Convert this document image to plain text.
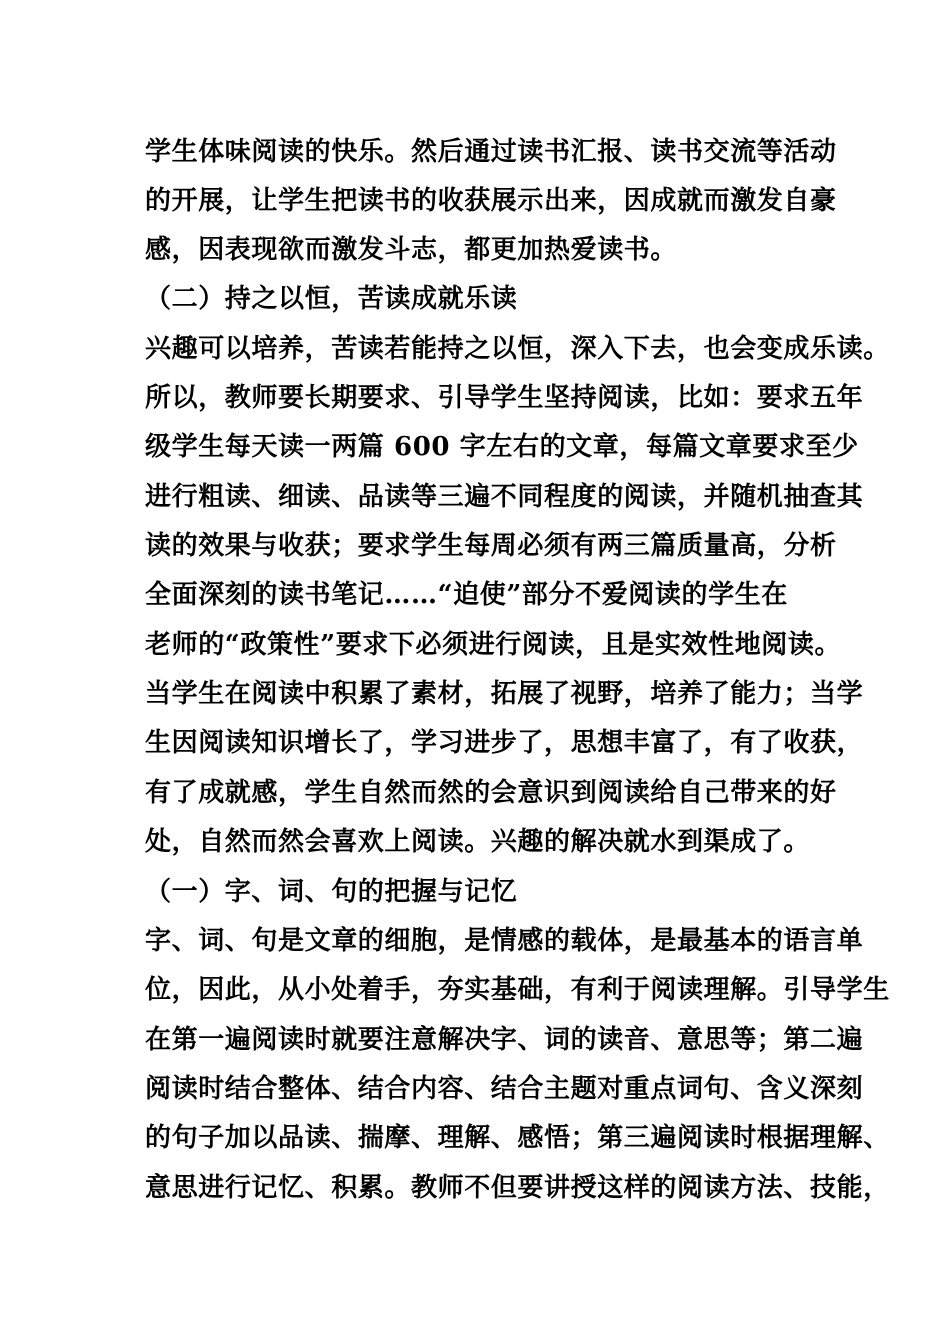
学生体味阅读的快乐。然后通过读书汇报、读书交流等活动
的开展，让学生把读书的收获展示出来，因成就而激发自豪
感，因表现欲而激发斗志，都更加热爱读书。
（二）持之以恒，苦读成就乐读
兴趣可以培养，苦读若能持之以恒，深入下去，也会变成乐读。
所以，教师要长期要求、引导学生坚持阅读，比如：要求五年
级学生每天读一两篇 600 字左右的文章，每篇文章要求至少
进行粗读、细读、品读等三遍不同程度的阅读，并随机抽查其
读的效果与收获；要求学生每周必须有两三篇质量高，分析
全面深刻的读书笔记……“迫使”部分不爱阅读的学生在
老师的“政策性”要求下必须进行阅读，且是实效性地阅读。
当学生在阅读中积累了素材，拓展了视野，培养了能力；当学
生因阅读知识增长了，学习进步了，思想丰富了，有了收获，
有了成就感，学生自然而然的会意识到阅读给自己带来的好
处，自然而然会喜欢上阅读。兴趣的解决就水到渠成了。
（一）字、词、句的把握与记忆
字、词、句是文章的细胞，是情感的载体，是最基本的语言单
位，因此，从小处着手，夯实基础，有利于阅读理解。引导学生
在第一遍阅读时就要注意解决字、词的读音、意思等；第二遍
阅读时结合整体、结合内容、结合主题对重点词句、含义深刻
的句子加以品读、揣摩、理解、感悟；第三遍阅读时根据理解、
意思进行记忆、积累。教师不但要讲授这样的阅读方法、技能，
